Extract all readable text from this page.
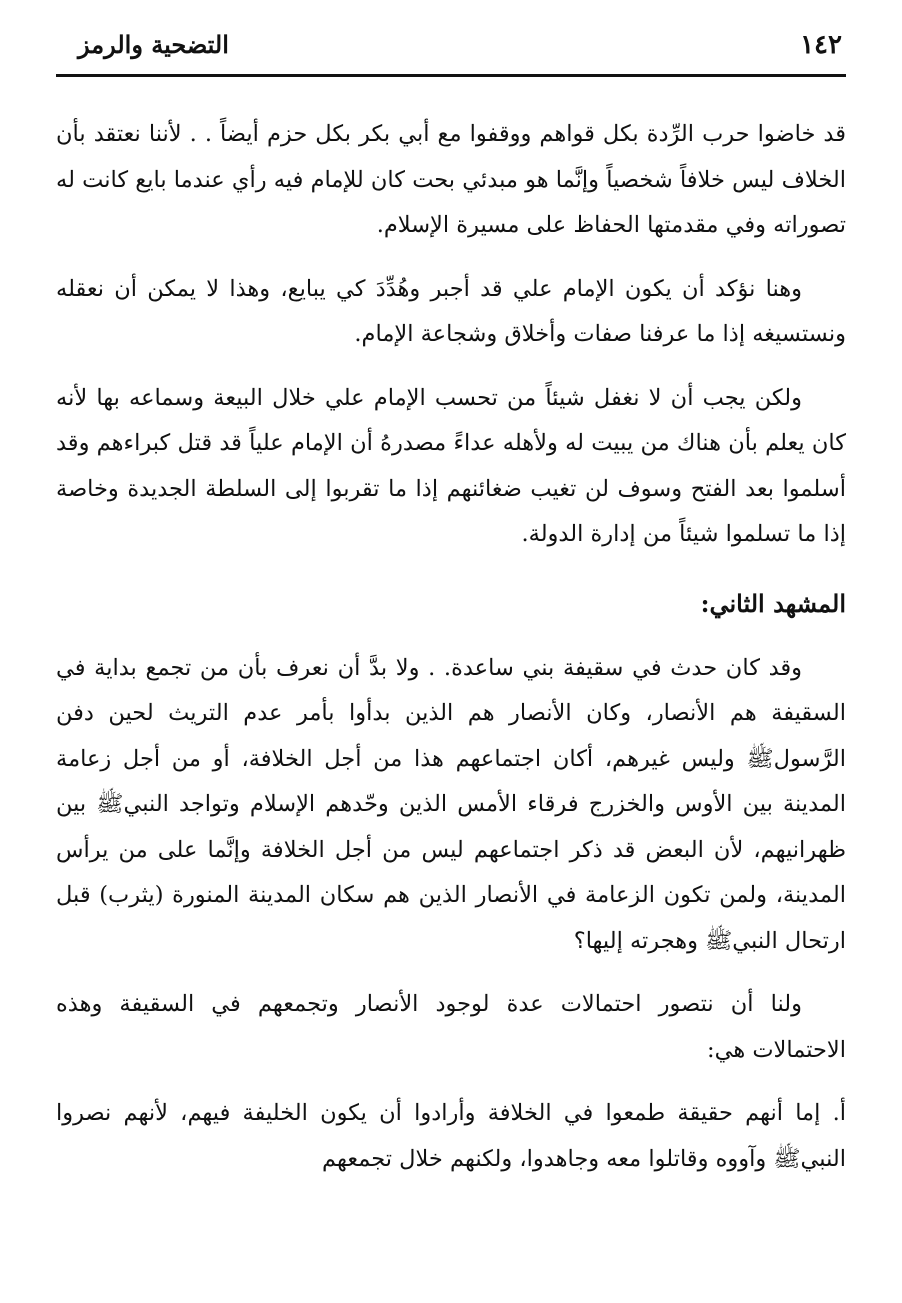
١٤٢
التضحية والرمز

قد خاضوا حرب الرِّدة بكل قواهم ووقفوا مع أبي بكر بكل حزم أيضاً . . لأننا نعتقد بأن الخلاف ليس خلافاً شخصياً وإنَّما هو مبدئي بحت كان للإمام فيه رأي عندما بايع كانت له تصوراته وفي مقدمتها الحفاظ على مسيرة الإسلام.

وهنا نؤكد أن يكون الإمام علي قد أجبر وهُدِّدَ كي يبايع، وهذا لا يمكن أن نعقله ونستسيغه إذا ما عرفنا صفات وأخلاق وشجاعة الإمام.

ولكن يجب أن لا نغفل شيئاً من تحسب الإمام علي خلال البيعة وسماعه بها لأنه كان يعلم بأن هناك من يبيت له ولأهله عداءً مصدرهُ أن الإمام علياً قد قتل كبراءهم وقد أسلموا بعد الفتح وسوف لن تغيب ضغائنهم إذا ما تقربوا إلى السلطة الجديدة وخاصة إذا ما تسلموا شيئاً من إدارة الدولة.

المشهد الثاني:

وقد كان حدث في سقيفة بني ساعدة. . ولا بدَّ أن نعرف بأن من تجمع بداية في السقيفة هم الأنصار، وكان الأنصار هم الذين بدأوا بأمر عدم التريث لحين دفن الرَّسولﷺ وليس غيرهم، أكان اجتماعهم هذا من أجل الخلافة، أو من أجل زعامة المدينة بين الأوس والخزرج فرقاء الأمس الذين وحّدهم الإسلام وتواجد النبيﷺ بين ظهرانيهم، لأن البعض قد ذكر اجتماعهم ليس من أجل الخلافة وإنَّما على من يرأس المدينة، ولمن تكون الزعامة في الأنصار الذين هم سكان المدينة المنورة (يثرب) قبل ارتحال النبيﷺ وهجرته إليها؟

ولنا أن نتصور احتمالات عدة لوجود الأنصار وتجمعهم في السقيفة وهذه الاحتمالات هي:

أ. إما أنهم حقيقة طمعوا في الخلافة وأرادوا أن يكون الخليفة فيهم، لأنهم نصروا النبيﷺ وآووه وقاتلوا معه وجاهدوا، ولكنهم خلال تجمعهم
